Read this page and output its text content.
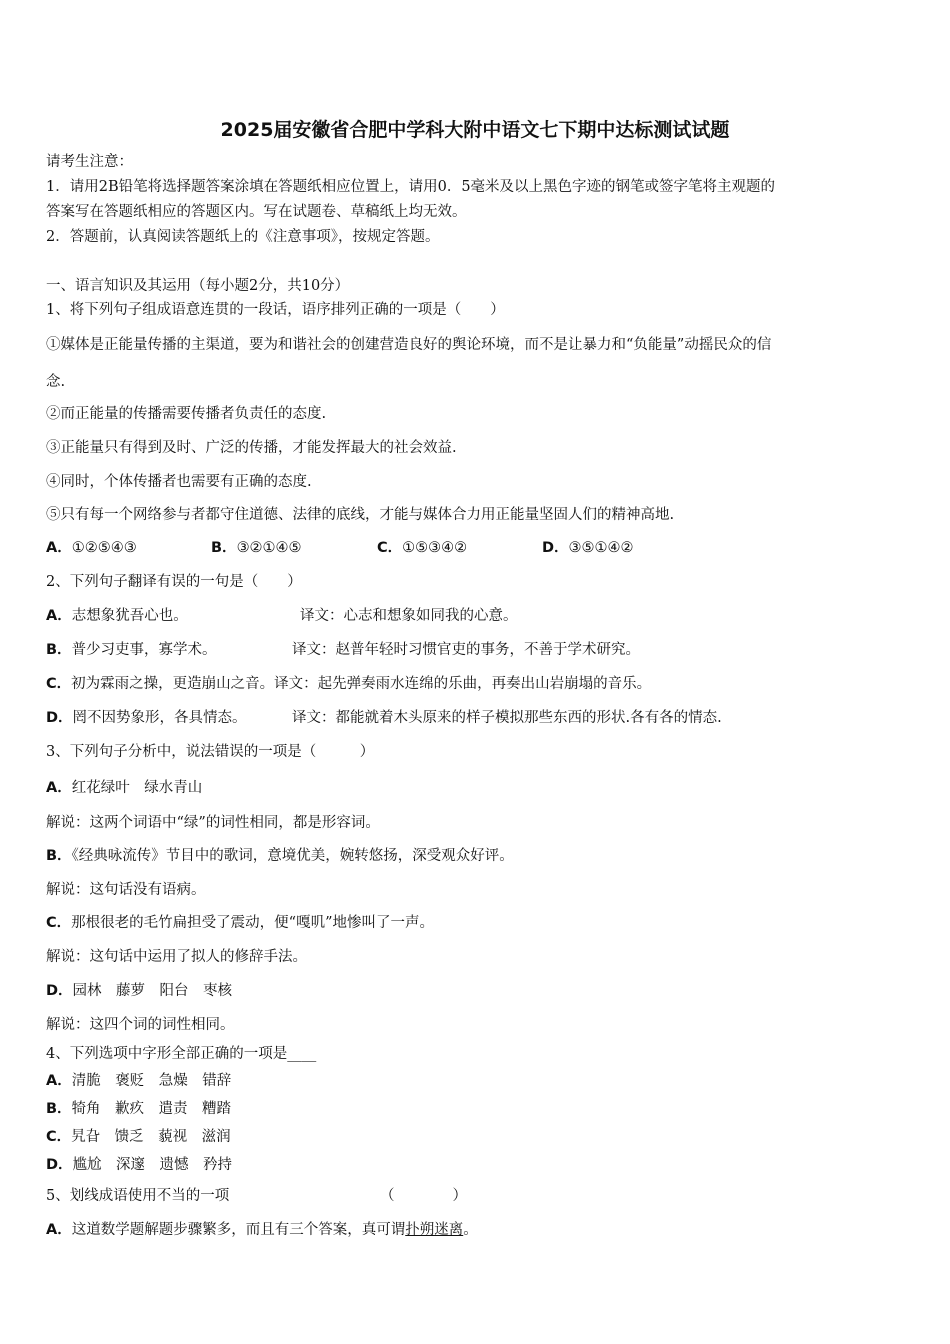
2025届安徽省合肥中学科大附中语文七下期中达标测试试题
请考生注意：
1．请用2B铅笔将选择题答案涂填在答题纸相应位置上，请用0．5毫米及以上黑色字迹的钢笔或签字笔将主观题的
答案写在答题纸相应的答题区内。写在试题卷、草稿纸上均无效。
2．答题前，认真阅读答题纸上的《注意事项》，按规定答题。
一、语言知识及其运用（每小题2分，共10分）
1、将下列句子组成语意连贯的一段话，语序排列正确的一项是（　　）
①媒体是正能量传播的主渠道，要为和谐社会的创建营造良好的舆论环境，而不是让暴力和“负能量”动摇民众的信
念.
②而正能量的传播需要传播者负责任的态度.
③正能量只有得到及时、广泛的传播，才能发挥最大的社会效益.
④同时，个体传播者也需要有正确的态度.
⑤只有每一个网络参与者都守住道德、法律的底线，才能与媒体合力用正能量坚固人们的精神高地.
A．①②⑤④③	B．③②①④⑤	C．①⑤③④②	D．③⑤①④②
2、下列句子翻译有误的一句是（　　）
A．志想象犹吾心也。	译文：心志和想象如同我的心意。
B．普少习吏事，寡学术。	译文：赵普年轻时习惯官吏的事务，不善于学术研究。
C．初为霖雨之操，更造崩山之音。译文：起先弹奏雨水连绵的乐曲，再奏出山岩崩塌的音乐。
D．罔不因势象形，各具情态。	译文：都能就着木头原来的样子模拟那些东西的形状.各有各的情态.
3、下列句子分析中，说法错误的一项是（　　　）
A．红花绿叶　绿水青山
解说：这两个词语中“绿”的词性相同，都是形容词。
B．《经典咏流传》节目中的歌词，意境优美，婉转悠扬，深受观众好评。
解说：这句话没有语病。
C．那根很老的毛竹扁担受了震动，便“嘎叽”地惨叫了一声。
解说：这句话中运用了拟人的修辞手法。
D．园林　藤萝　阳台　枣核
解说：这四个词的词性相同。
4、下列选项中字形全部正确的一项是____
A．清脆　褒贬　急燥　错辞
B．犄角　歉疚　遣责　糟踏
C．旯旮　馈乏　藐视　滋润
D．尴尬　深邃　遗憾　矜持
5、划线成语使用不当的一项	（　　　　）
A．这道数学题解题步骤繁多，而且有三个答案，真可谓扑朔迷离。
